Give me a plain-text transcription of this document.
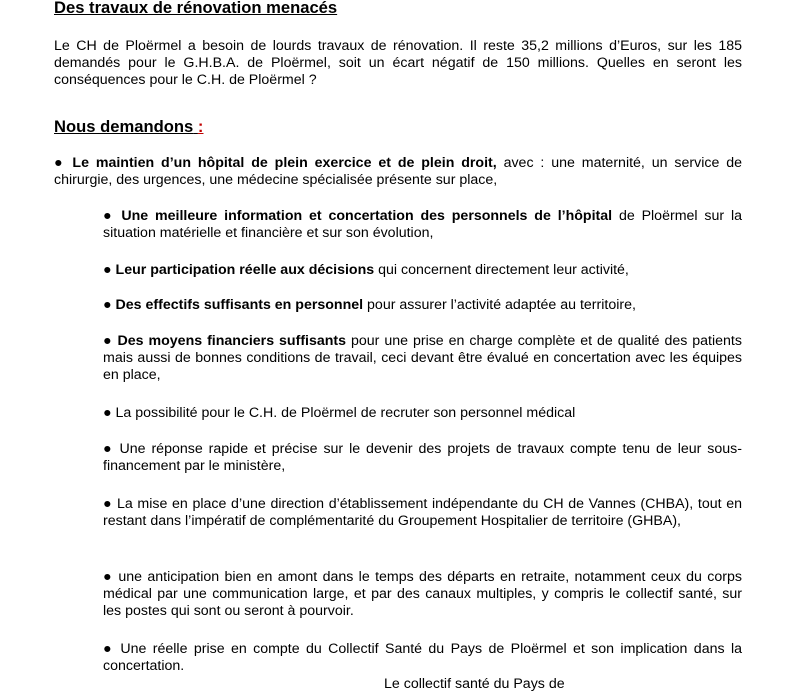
Des travaux de rénovation menacés

Le CH de Ploërmel a besoin de lourds travaux de rénovation. Il reste 35,2 millions d’Euros, sur les 185 demandés pour le G.H.B.A. de Ploërmel, soit un écart négatif de 150 millions. Quelles en seront les conséquences pour le C.H. de Ploërmel ?

Nous demandons :

● Le maintien d’un hôpital de plein exercice et de plein droit, avec : une maternité, un service de chirurgie, des urgences, une médecine spécialisée présente sur place,

● Une meilleure information et concertation des personnels de l’hôpital de Ploërmel sur la situation matérielle et financière et sur son évolution,

● Leur participation réelle aux décisions qui concernent directement leur activité,

● Des effectifs suffisants en personnel pour assurer l’activité adaptée au territoire,

● Des moyens financiers suffisants pour une prise en charge complète et de qualité des patients mais aussi de bonnes conditions de travail, ceci devant être évalué en concertation avec les équipes en place,

● La possibilité pour le C.H. de Ploërmel de recruter son personnel médical

● Une réponse rapide et précise sur le devenir des projets de travaux compte tenu de leur sous-financement par le ministère,

● La mise en place d’une direction d’établissement indépendante du CH de Vannes (CHBA), tout en restant dans l’impératif de complémentarité du Groupement Hospitalier de territoire (GHBA),

● une anticipation bien en amont dans le temps des départs en retraite, notamment ceux du corps médical par une communication large, et par des canaux multiples, y compris le collectif santé, sur les postes qui sont ou seront à pourvoir.

● Une réelle prise en compte du Collectif Santé du Pays de Ploërmel et son implication dans la concertation.

Le collectif santé du Pays de
